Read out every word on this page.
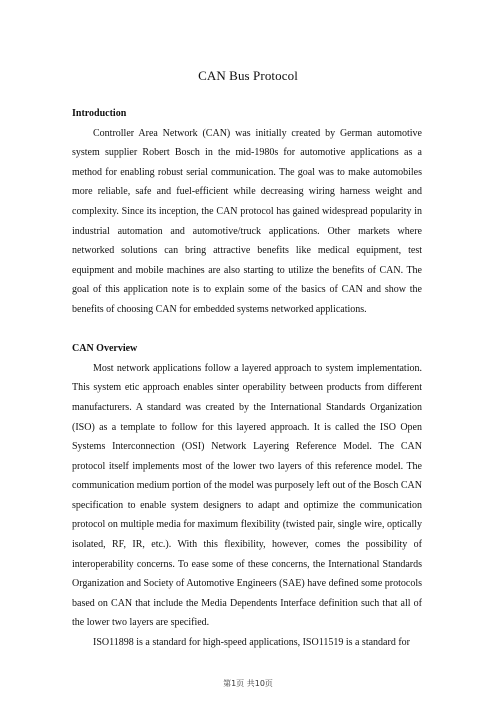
CAN Bus Protocol

Introduction

Controller Area Network (CAN) was initially created by German automotive system supplier Robert Bosch in the mid-1980s for automotive applications as a method for enabling robust serial communication. The goal was to make automobiles more reliable, safe and fuel-efficient while decreasing wiring harness weight and complexity. Since its inception, the CAN protocol has gained widespread popularity in industrial automation and automotive/truck applications. Other markets where networked solutions can bring attractive benefits like medical equipment, test equipment and mobile machines are also starting to utilize the benefits of CAN. The goal of this application note is to explain some of the basics of CAN and show the benefits of choosing CAN for embedded systems networked applications.

CAN Overview

Most network applications follow a layered approach to system implementation. This system etic approach enables sinter operability between products from different manufacturers. A standard was created by the International Standards Organization (ISO) as a template to follow for this layered approach. It is called the ISO Open Systems Interconnection (OSI) Network Layering Reference Model. The CAN protocol itself implements most of the lower two layers of this reference model. The communication medium portion of the model was purposely left out of the Bosch CAN specification to enable system designers to adapt and optimize the communication protocol on multiple media for maximum flexibility (twisted pair, single wire, optically isolated, RF, IR, etc.). With this flexibility, however, comes the possibility of interoperability concerns. To ease some of these concerns, the International Standards Organization and Society of Automotive Engineers (SAE) have defined some protocols based on CAN that include the Media Dependents Interface definition such that all of the lower two layers are specified.

ISO11898 is a standard for high-speed applications, ISO11519 is a standard for

第1页 共10页
